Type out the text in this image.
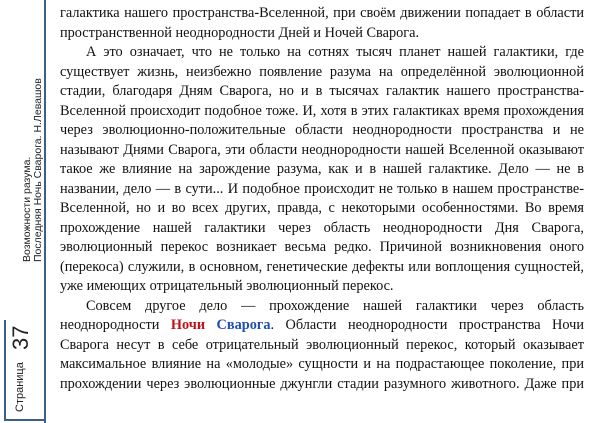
Возможности разума. Последняя Ночь Сварога. Н.Левашов
37
Страница
галактика нашего пространства-Вселенной, при своём движении попадает в области
пространственной неоднородности Дней и Ночей Сварога.
А это означает, что не только на сотнях тысяч планет нашей галактики, где
существует жизнь, неизбежно появление разума на определённой эволюционной
стадии, благодаря Дням Сварога, но и в тысячах галактик нашего пространства-
Вселенной происходит подобное тоже. И, хотя в этих галактиках время прохождения
через эволюционно-положительные области неоднородности пространства и не
называют Днями Сварога, эти области неоднородности нашей Вселенной оказывают
такое же влияние на зарождение разума, как и в нашей галактике. Дело — не в
названии, дело — в сути... И подобное происходит не только в нашем пространстве-
Вселенной, но и во всех других, правда, с некоторыми особенностями. Во время
прохождение нашей галактики через область неоднородности Дня Сварога,
эволюционный перекос возникает весьма редко. Причиной возникновения оного
(перекоса) служили, в основном, генетические дефекты или воплощения сущностей,
уже имеющих отрицательный эволюционный перекос.
Совсем другое дело — прохождение нашей галактики через область
неоднородности Ночи Сварога. Области неоднородности пространства Ночи
Сварога несут в себе отрицательный эволюционный перекос, который оказывает
максимальное влияние на «молодые» сущности и на подрастающее поколение, при
прохождении через эволюционные джунгли стадии разумного животного. Даже при
